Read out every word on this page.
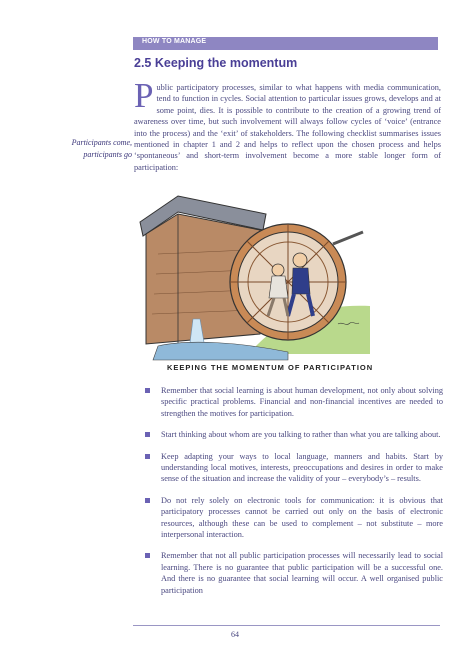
HOW TO MANAGE
2.5 Keeping the momentum
Participants come, participants go

Public participatory processes, similar to what happens with media communication, tend to function in cycles. Social attention to particular issues grows, develops and at some point, dies. It is possible to contribute to the creation of a growing trend of awareness over time, but such involvement will always follow cycles of ‘voice’ (entrance into the process) and the ‘exit’ of stakeholders. The following checklist summarises issues mentioned in chapter 1 and 2 and helps to reflect upon the chosen process and helps ‘spontaneous’ and short-term involvement become a more stable longer form of participation:

KEEPING THE MOMENTUM OF PARTICIPATION
Remember that social learning is about human development, not only about solving specific practical problems. Financial and non-financial incentives are needed to strengthen the motives for participation.
Start thinking about whom are you talking to rather than what you are talking about.
Keep adapting your ways to local language, manners and habits. Start by understanding local motives, interests, preoccupations and desires in order to make sense of the situation and increase the validity of your – everybody’s – results.
Do not rely solely on electronic tools for communication: it is obvious that participatory processes cannot be carried out only on the basis of electronic resources, although these can be used to complement – not substitute – more interpersonal interaction.
Remember that not all public participation processes will necessarily lead to social learning. There is no guarantee that public participation will be a successful one. And there is no guarantee that social learning will occur. A well organised public participation
64
